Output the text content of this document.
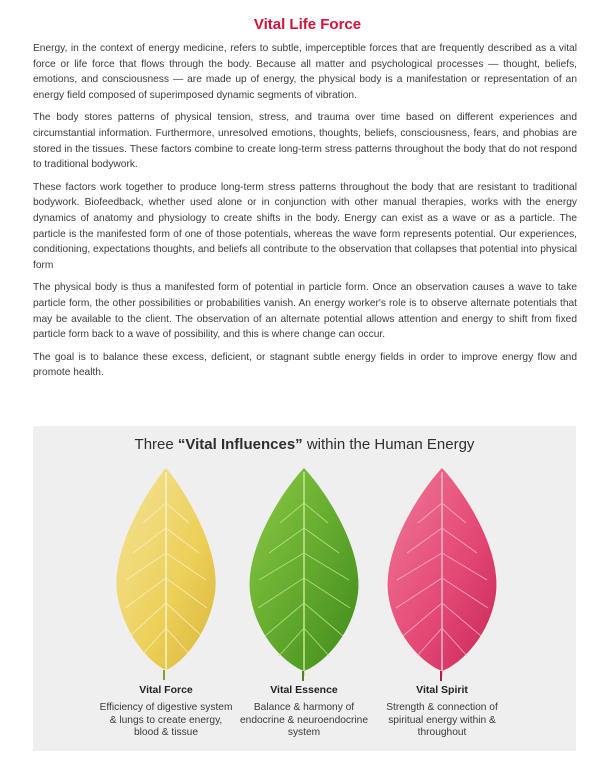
Vital Life Force

Energy, in the context of energy medicine, refers to subtle, imperceptible forces that are frequently described as a vital force or life force that flows through the body. Because all matter and psychological processes — thought, beliefs, emotions, and consciousness — are made up of energy, the physical body is a manifestation or representation of an energy field composed of superimposed dynamic segments of vibration.

The body stores patterns of physical tension, stress, and trauma over time based on different experiences and circumstantial information. Furthermore, unresolved emotions, thoughts, beliefs, consciousness, fears, and phobias are stored in the tissues. These factors combine to create long-term stress patterns throughout the body that do not respond to traditional bodywork.

These factors work together to produce long-term stress patterns throughout the body that are resistant to traditional bodywork. Biofeedback, whether used alone or in conjunction with other manual therapies, works with the energy dynamics of anatomy and physiology to create shifts in the body. Energy can exist as a wave or as a particle. The particle is the manifested form of one of those potentials, whereas the wave form represents potential. Our experiences, conditioning, expectations thoughts, and beliefs all contribute to the observation that collapses that potential into physical form

The physical body is thus a manifested form of potential in particle form. Once an observation causes a wave to take particle form, the other possibilities or probabilities vanish. An energy worker's role is to observe alternate potentials that may be available to the client. The observation of an alternate potential allows attention and energy to shift from fixed particle form back to a wave of possibility, and this is where change can occur.

The goal is to balance these excess, deficient, or stagnant subtle energy fields in order to improve energy flow and promote health.

Three “Vital Influences” within the Human Energy
Vital Force
Efficiency of digestive system
& lungs to create energy,
blood & tissue
Vital Essence
Balance & harmony of
endocrine & neuroendocrine
system
Vital Spirit
Strength & connection of
spiritual energy within &
throughout
